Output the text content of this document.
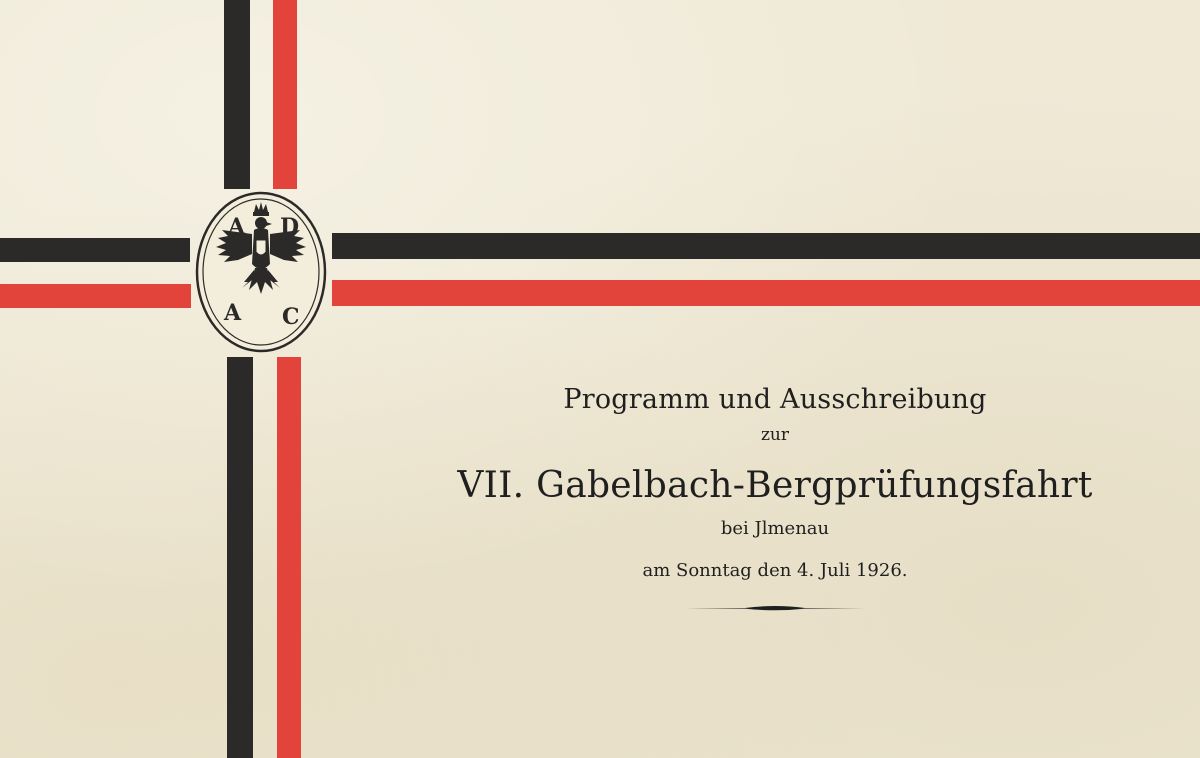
A D
A C
Programm und Ausschreibung
zur
VII. Gabelbach-Bergprüfungsfahrt
bei Jlmenau
am Sonntag den 4. Juli 1926.
